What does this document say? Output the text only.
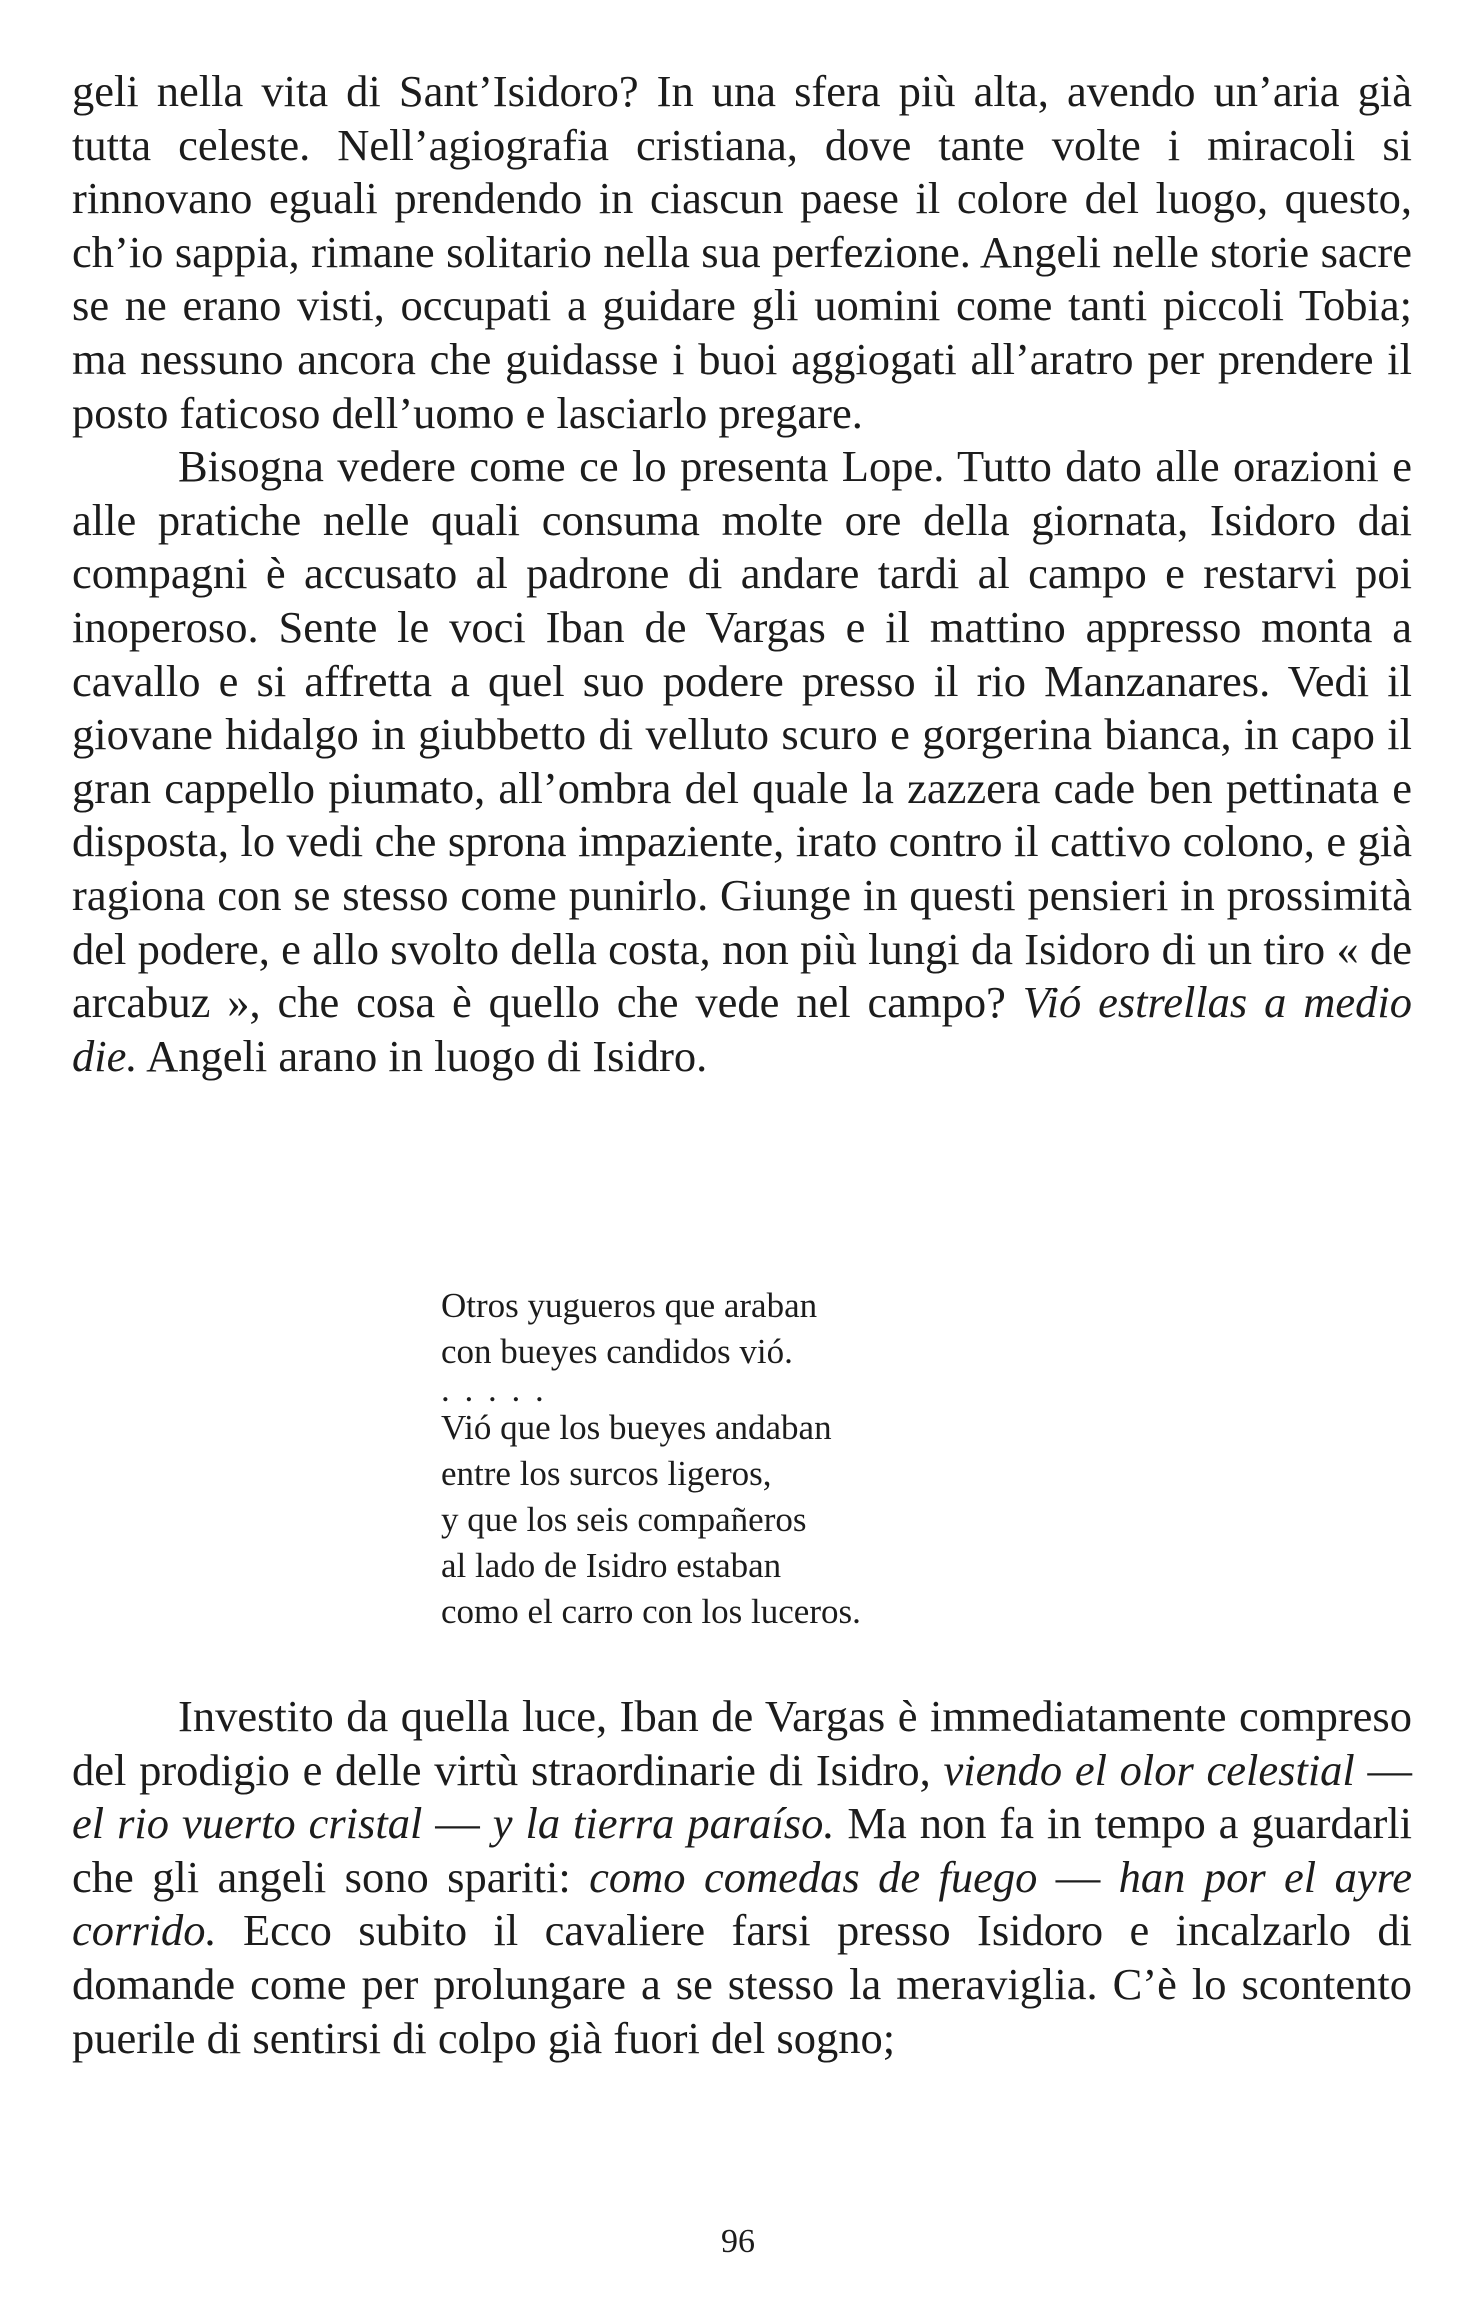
geli nella vita di Sant’Isidoro? In una sfera più alta, avendo un’aria già tutta celeste. Nell’agiografia cristiana, dove tante volte i miracoli si rinnovano eguali prendendo in ciascun paese il colore del luogo, questo, ch’io sappia, rimane solitario nella sua perfezione. Angeli nelle storie sacre se ne erano visti, occupati a guidare gli uomini come tanti piccoli Tobia; ma nessuno ancora che guidasse i buoi aggiogati all’aratro per prendere il posto faticoso dell’uomo e lasciarlo pregare.

Bisogna vedere come ce lo presenta Lope. Tutto dato alle orazioni e alle pratiche nelle quali consuma molte ore della giornata, Isidoro dai compagni è accusato al padrone di andare tardi al campo e restarvi poi inoperoso. Sente le voci Iban de Vargas e il mattino appresso monta a cavallo e si affretta a quel suo podere presso il rio Manzanares. Vedi il giovane hidalgo in giubbetto di velluto scuro e gorgerina bianca, in capo il gran cappello piumato, all’ombra del quale la zazzera cade ben pettinata e disposta, lo vedi che sprona impaziente, irato contro il cattivo colono, e già ragiona con se stesso come punirlo. Giunge in questi pensieri in prossimità del podere, e allo svolto della costa, non più lungi da Isidoro di un tiro « de arcabuz », che cosa è quello che vede nel campo? Vió estrellas a medio die. Angeli arano in luogo di Isidro.

Otros yugueros que araban
con bueyes candidos vió.
. . . . .
Vió que los bueyes andaban
entre los surcos ligeros,
y que los seis compañeros
al lado de Isidro estaban
como el carro con los luceros.

Investito da quella luce, Iban de Vargas è immediatamente compreso del prodigio e delle virtù straordinarie di Isidro, viendo el olor celestial — el rio vuerto cristal — y la tierra paraíso. Ma non fa in tempo a guardarli che gli angeli sono spariti: como comedas de fuego — han por el ayre corrido. Ecco subito il cavaliere farsi presso Isidoro e incalzarlo di domande come per prolungare a se stesso la meraviglia. C’è lo scontento puerile di sentirsi di colpo già fuori del sogno;

96
